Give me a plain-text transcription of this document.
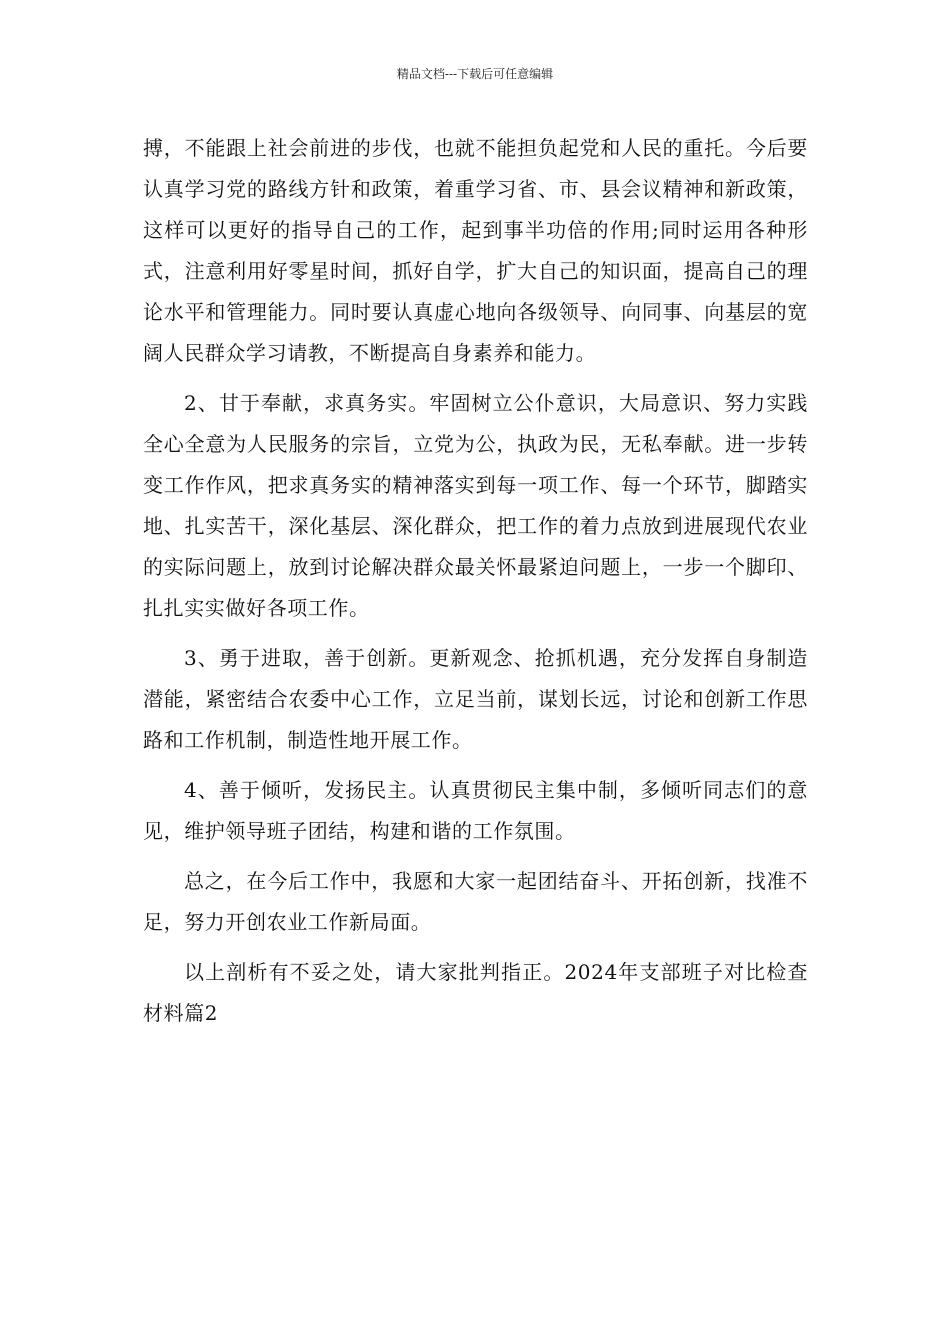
精品文档---下载后可任意编辑

搏，不能跟上社会前进的步伐，也就不能担负起党和人民的重托。今后要认真学习党的路线方针和政策，着重学习省、市、县会议精神和新政策，这样可以更好的指导自己的工作，起到事半功倍的作用;同时运用各种形式，注意利用好零星时间，抓好自学，扩大自己的知识面，提高自己的理论水平和管理能力。同时要认真虚心地向各级领导、向同事、向基层的宽阔人民群众学习请教，不断提高自身素养和能力。

2、甘于奉献，求真务实。牢固树立公仆意识，大局意识、努力实践全心全意为人民服务的宗旨，立党为公，执政为民，无私奉献。进一步转变工作作风，把求真务实的精神落实到每一项工作、每一个环节，脚踏实地、扎实苦干，深化基层、深化群众，把工作的着力点放到进展现代农业的实际问题上，放到讨论解决群众最关怀最紧迫问题上，一步一个脚印、扎扎实实做好各项工作。

3、勇于进取，善于创新。更新观念、抢抓机遇，充分发挥自身制造潜能，紧密结合农委中心工作，立足当前，谋划长远，讨论和创新工作思路和工作机制，制造性地开展工作。

4、善于倾听，发扬民主。认真贯彻民主集中制，多倾听同志们的意见，维护领导班子团结，构建和谐的工作氛围。

总之，在今后工作中，我愿和大家一起团结奋斗、开拓创新，找准不足，努力开创农业工作新局面。

以上剖析有不妥之处，请大家批判指正。2024年支部班子对比检查材料篇2
